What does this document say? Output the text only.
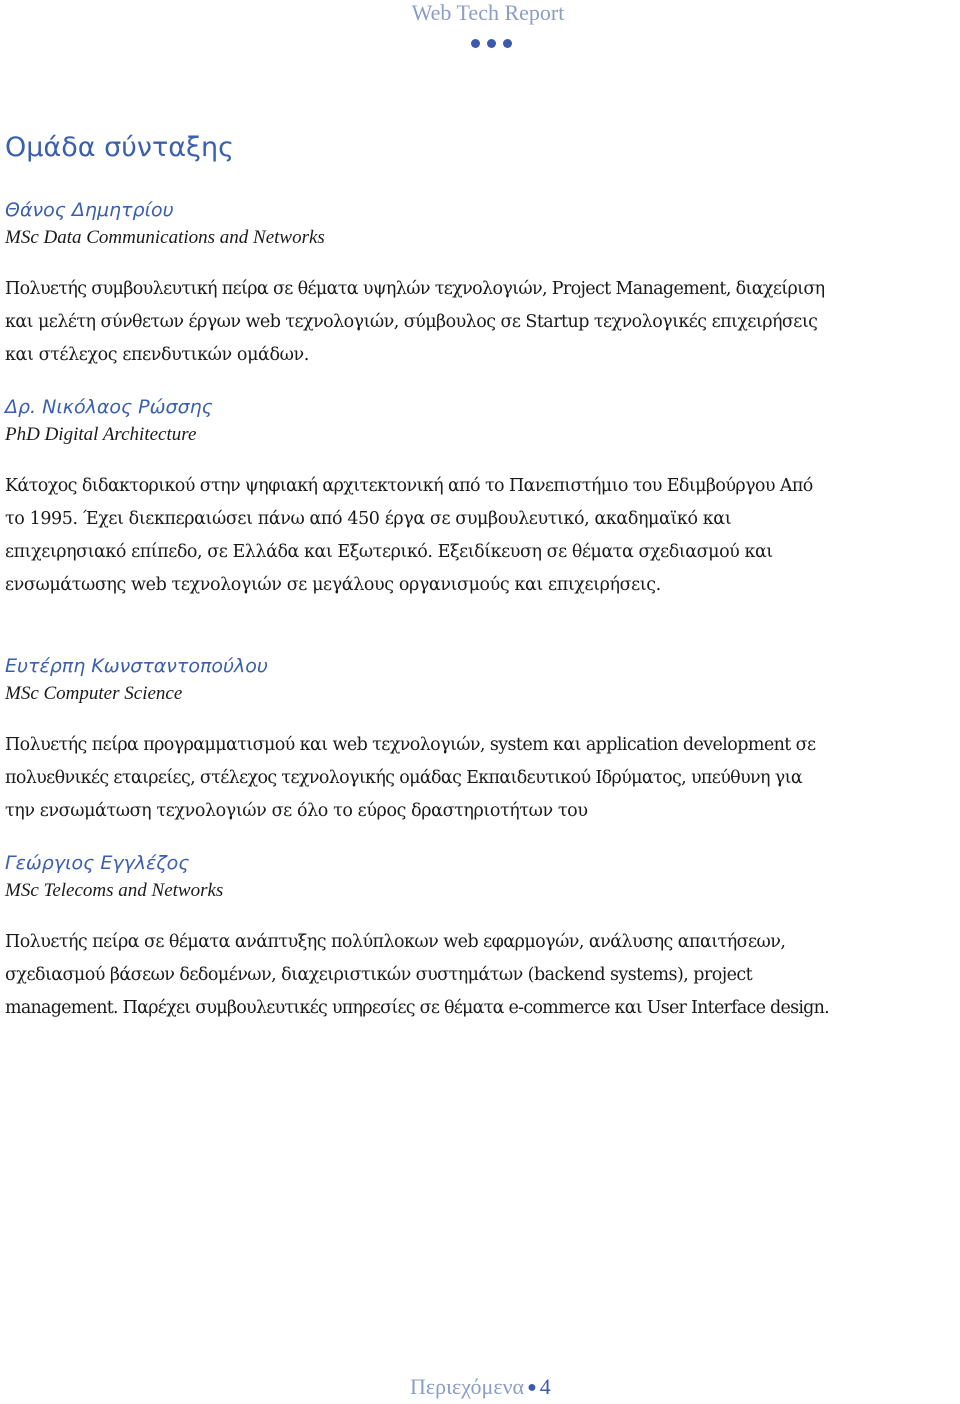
Web Tech Report
Ομάδα σύνταξης
Θάνος Δημητρίου
MSc Data Communications and Networks
Πολυετής συμβουλευτική πείρα σε θέματα υψηλών τεχνολογιών, Project Management, διαχείριση
και μελέτη σύνθετων έργων web τεχνολογιών, σύμβουλος σε Startup τεχνολογικές επιχειρήσεις
και στέλεχος επενδυτικών ομάδων.
Δρ. Νικόλαος Ρώσσης
PhD Digital Architecture
Κάτοχος διδακτορικού στην ψηφιακή αρχιτεκτονική από το Πανεπιστήμιο του Εδιμβούργου Από
το 1995. Έχει διεκπεραιώσει πάνω από 450 έργα σε συμβουλευτικό, ακαδημαϊκό και
επιχειρησιακό επίπεδο, σε Ελλάδα και Εξωτερικό. Εξειδίκευση σε θέματα σχεδιασμού και
ενσωμάτωσης web τεχνολογιών σε μεγάλους οργανισμούς και επιχειρήσεις.
Ευτέρπη Κωνσταντοπούλου
MSc Computer Science
Πολυετής πείρα προγραμματισμού και web τεχνολογιών, system και application development σε
πολυεθνικές εταιρείες, στέλεχος τεχνολογικής ομάδας Εκπαιδευτικού Ιδρύματος, υπεύθυνη για
την ενσωμάτωση τεχνολογιών σε όλο το εύρος δραστηριοτήτων του
Γεώργιος Εγγλέζος
MSc Telecoms and Networks
Πολυετής πείρα σε θέματα ανάπτυξης πολύπλοκων web εφαρμογών, ανάλυσης απαιτήσεων,
σχεδιασμού βάσεων δεδομένων, διαχειριστικών συστημάτων (backend systems), project
management. Παρέχει συμβουλευτικές υπηρεσίες σε θέματα e-commerce και User Interface design.
Περιεχόμενα ● 4
